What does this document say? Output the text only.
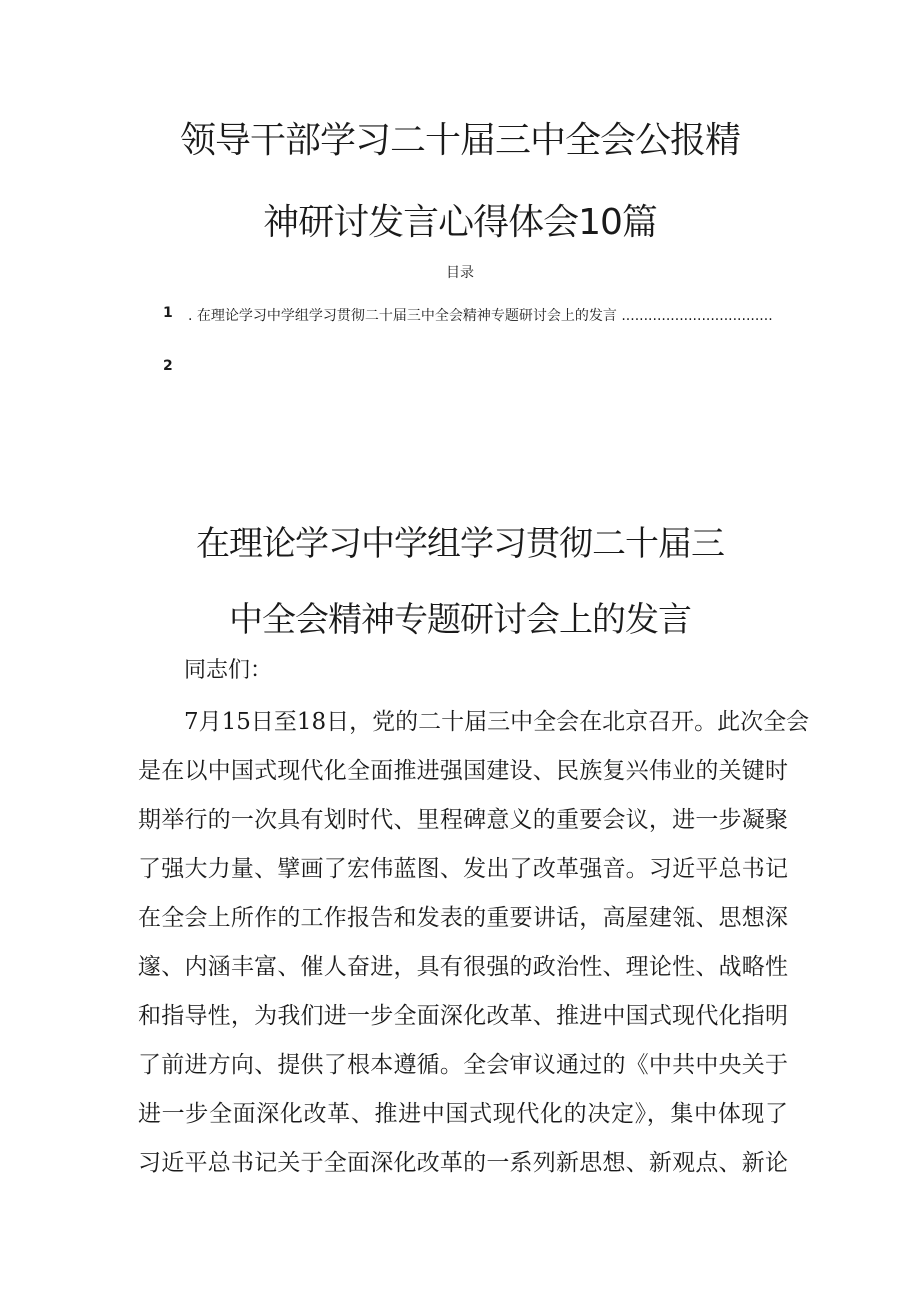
领导干部学习二十届三中全会公报精
神研讨发言心得体会10篇
目录
1 . 在理论学习中学组学习贯彻二十届三中全会精神专题研讨会上的发言 ..................................
2
在理论学习中学组学习贯彻二十届三
中全会精神专题研讨会上的发言

同志们：

7月15日至18日，党的二十届三中全会在北京召开。此次全会

是在以中国式现代化全面推进强国建设、民族复兴伟业的关键时

期举行的一次具有划时代、里程碑意义的重要会议，进一步凝聚

了强大力量、擘画了宏伟蓝图、发出了改革强音。习近平总书记

在全会上所作的工作报告和发表的重要讲话，高屋建瓴、思想深

邃、内涵丰富、催人奋进，具有很强的政治性、理论性、战略性

和指导性，为我们进一步全面深化改革、推进中国式现代化指明

了前进方向、提供了根本遵循。全会审议通过的《中共中央关于

进一步全面深化改革、推进中国式现代化的决定》，集中体现了

习近平总书记关于全面深化改革的一系列新思想、新观点、新论
